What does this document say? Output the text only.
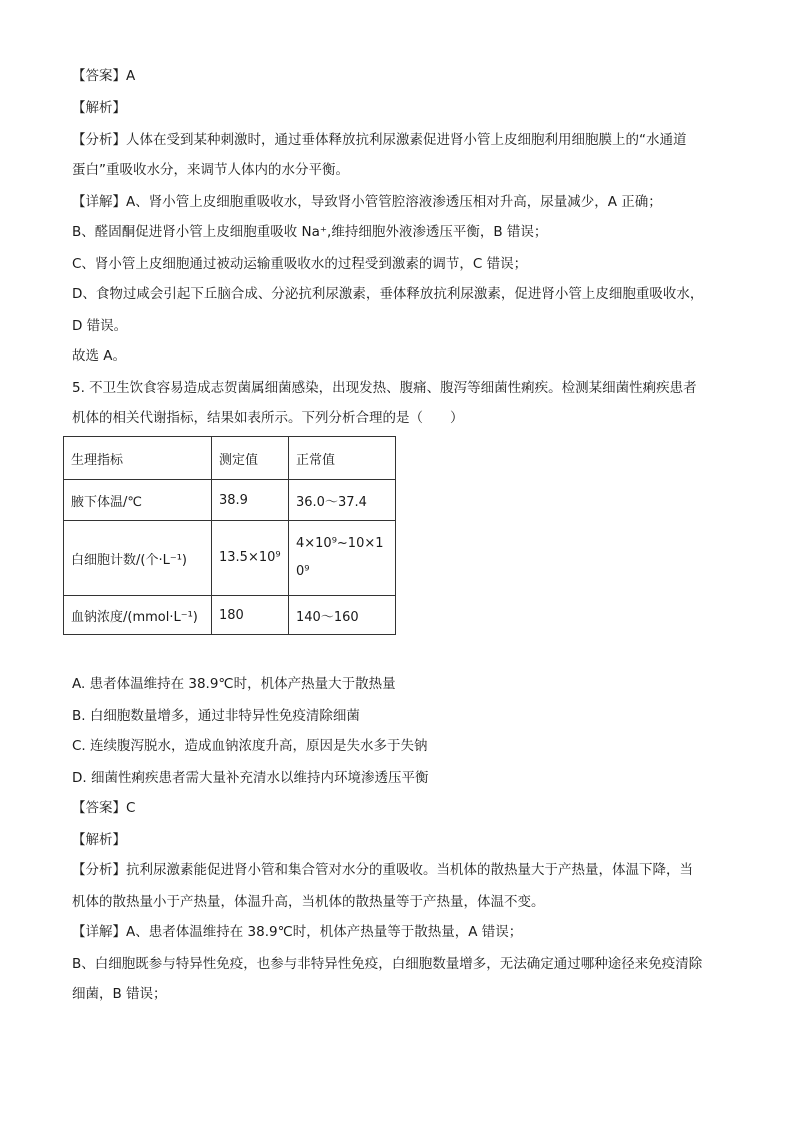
【答案】A
【解析】
【分析】人体在受到某种刺激时，通过垂体释放抗利尿激素促进肾小管上皮细胞利用细胞膜上的“水通道
蛋白”重吸收水分，来调节人体内的水分平衡。
【详解】A、肾小管上皮细胞重吸收水，导致肾小管管腔溶液渗透压相对升高，尿量减少，A 正确；
B、醛固酮促进肾小管上皮细胞重吸收 Na⁺,维持细胞外液渗透压平衡，B 错误；
C、肾小管上皮细胞通过被动运输重吸收水的过程受到激素的调节，C 错误；
D、食物过咸会引起下丘脑合成、分泌抗利尿激素，垂体释放抗利尿激素，促进肾小管上皮细胞重吸收水，
D 错误。
故选 A。
5. 不卫生饮食容易造成志贺菌属细菌感染，出现发热、腹痛、腹泻等细菌性痢疾。检测某细菌性痢疾患者
机体的相关代谢指标，结果如表所示。下列分析合理的是（　　）
生理指标	测定值	正常值
腋下体温/℃	38.9	36.0～37.4
白细胞计数/(个·L⁻¹)	13.5×10⁹	4×10⁹~10×10⁹

血钠浓度/(mmol·L⁻¹)	180	140～160
A. 患者体温维持在 38.9℃时，机体产热量大于散热量
B. 白细胞数量增多，通过非特异性免疫清除细菌
C. 连续腹泻脱水，造成血钠浓度升高，原因是失水多于失钠
D. 细菌性痢疾患者需大量补充清水以维持内环境渗透压平衡
【答案】C
【解析】
【分析】抗利尿激素能促进肾小管和集合管对水分的重吸收。当机体的散热量大于产热量，体温下降，当
机体的散热量小于产热量，体温升高，当机体的散热量等于产热量，体温不变。
【详解】A、患者体温维持在 38.9℃时，机体产热量等于散热量，A 错误；
B、白细胞既参与特异性免疫，也参与非特异性免疫，白细胞数量增多，无法确定通过哪种途径来免疫清除
细菌，B 错误；
